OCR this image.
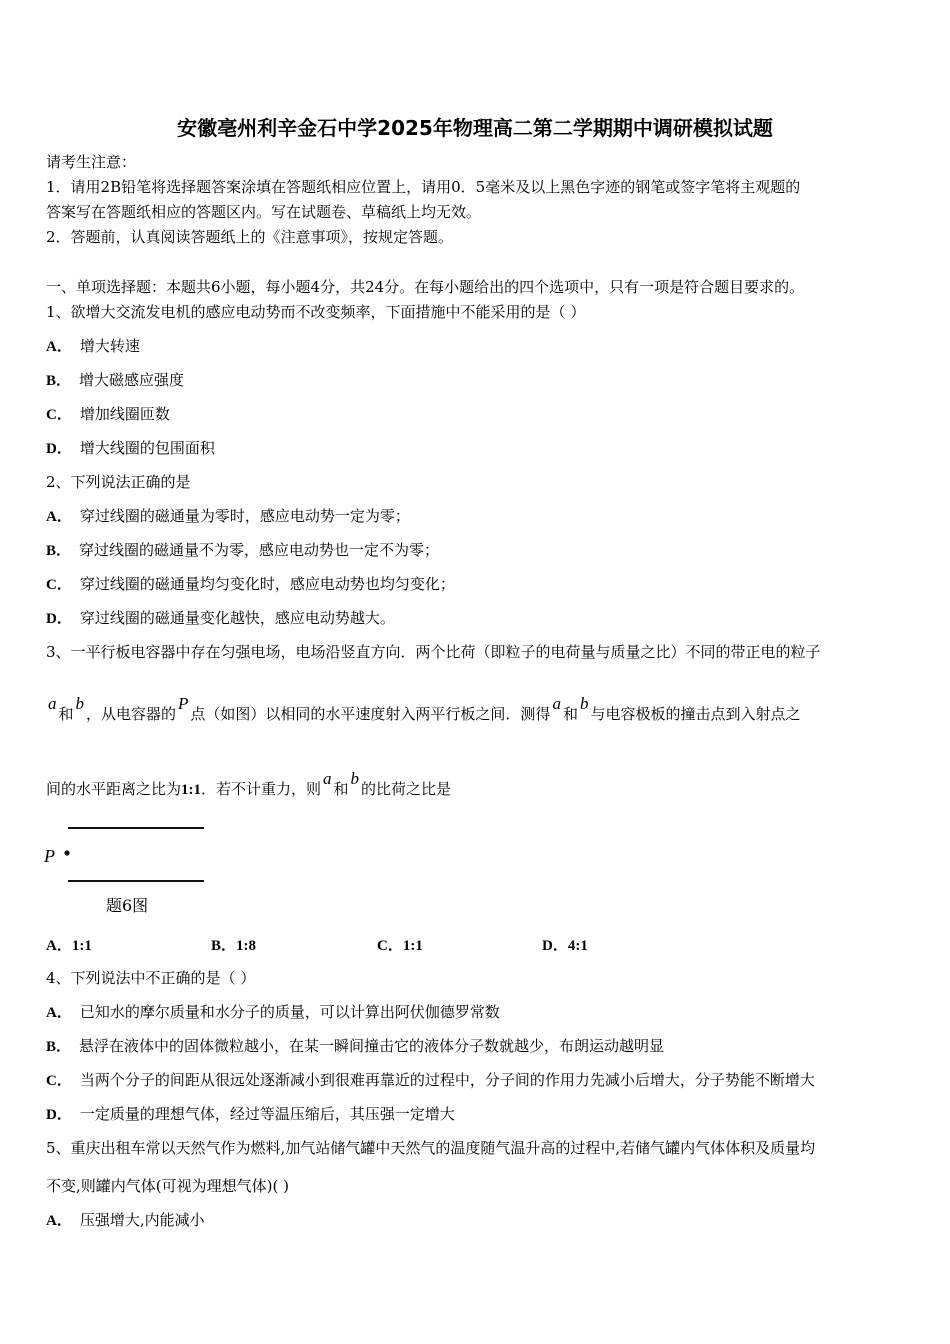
安徽亳州利辛金石中学2025年物理高二第二学期期中调研模拟试题
请考生注意：
1．请用2B铅笔将选择题答案涂填在答题纸相应位置上，请用0．5毫米及以上黑色字迹的钢笔或签字笔将主观题的
答案写在答题纸相应的答题区内。写在试题卷、草稿纸上均无效。
2．答题前，认真阅读答题纸上的《注意事项》，按规定答题。
一、单项选择题：本题共6小题，每小题4分，共24分。在每小题给出的四个选项中，只有一项是符合题目要求的。
1、欲增大交流发电机的感应电动势而不改变频率，下面措施中不能采用的是（ ）
A． 增大转速
B． 增大磁感应强度
C． 增加线圈匝数
D． 增大线圈的包围面积
2、下列说法正确的是
A． 穿过线圈的磁通量为零时，感应电动势一定为零；
B． 穿过线圈的磁通量不为零，感应电动势也一定不为零；
C． 穿过线圈的磁通量均匀变化时，感应电动势也均匀变化；
D． 穿过线圈的磁通量变化越快，感应电动势越大。
3、一平行板电容器中存在匀强电场，电场沿竖直方向．两个比荷（即粒子的电荷量与质量之比）不同的带正电的粒子
a和b，从电容器的P点（如图）以相同的水平速度射入两平行板之间．测得a和b与电容极板的撞击点到入射点之
间的水平距离之比为1:1．若不计重力，则a和b的比荷之比是
P
题6图
A．1:1	B．1:8	C．1:1	D．4:1
4、下列说法中不正确的是（ ）
A． 已知水的摩尔质量和水分子的质量，可以计算出阿伏伽德罗常数
B． 悬浮在液体中的固体微粒越小，在某一瞬间撞击它的液体分子数就越少，布朗运动越明显
C． 当两个分子的间距从很远处逐渐减小到很难再靠近的过程中，分子间的作用力先减小后增大，分子势能不断增大
D． 一定质量的理想气体，经过等温压缩后，其压强一定增大
5、重庆出租车常以天然气作为燃料,加气站储气罐中天然气的温度随气温升高的过程中,若储气罐内气体体积及质量均
不变,则罐内气体(可视为理想气体)( )
A． 压强增大,内能减小
